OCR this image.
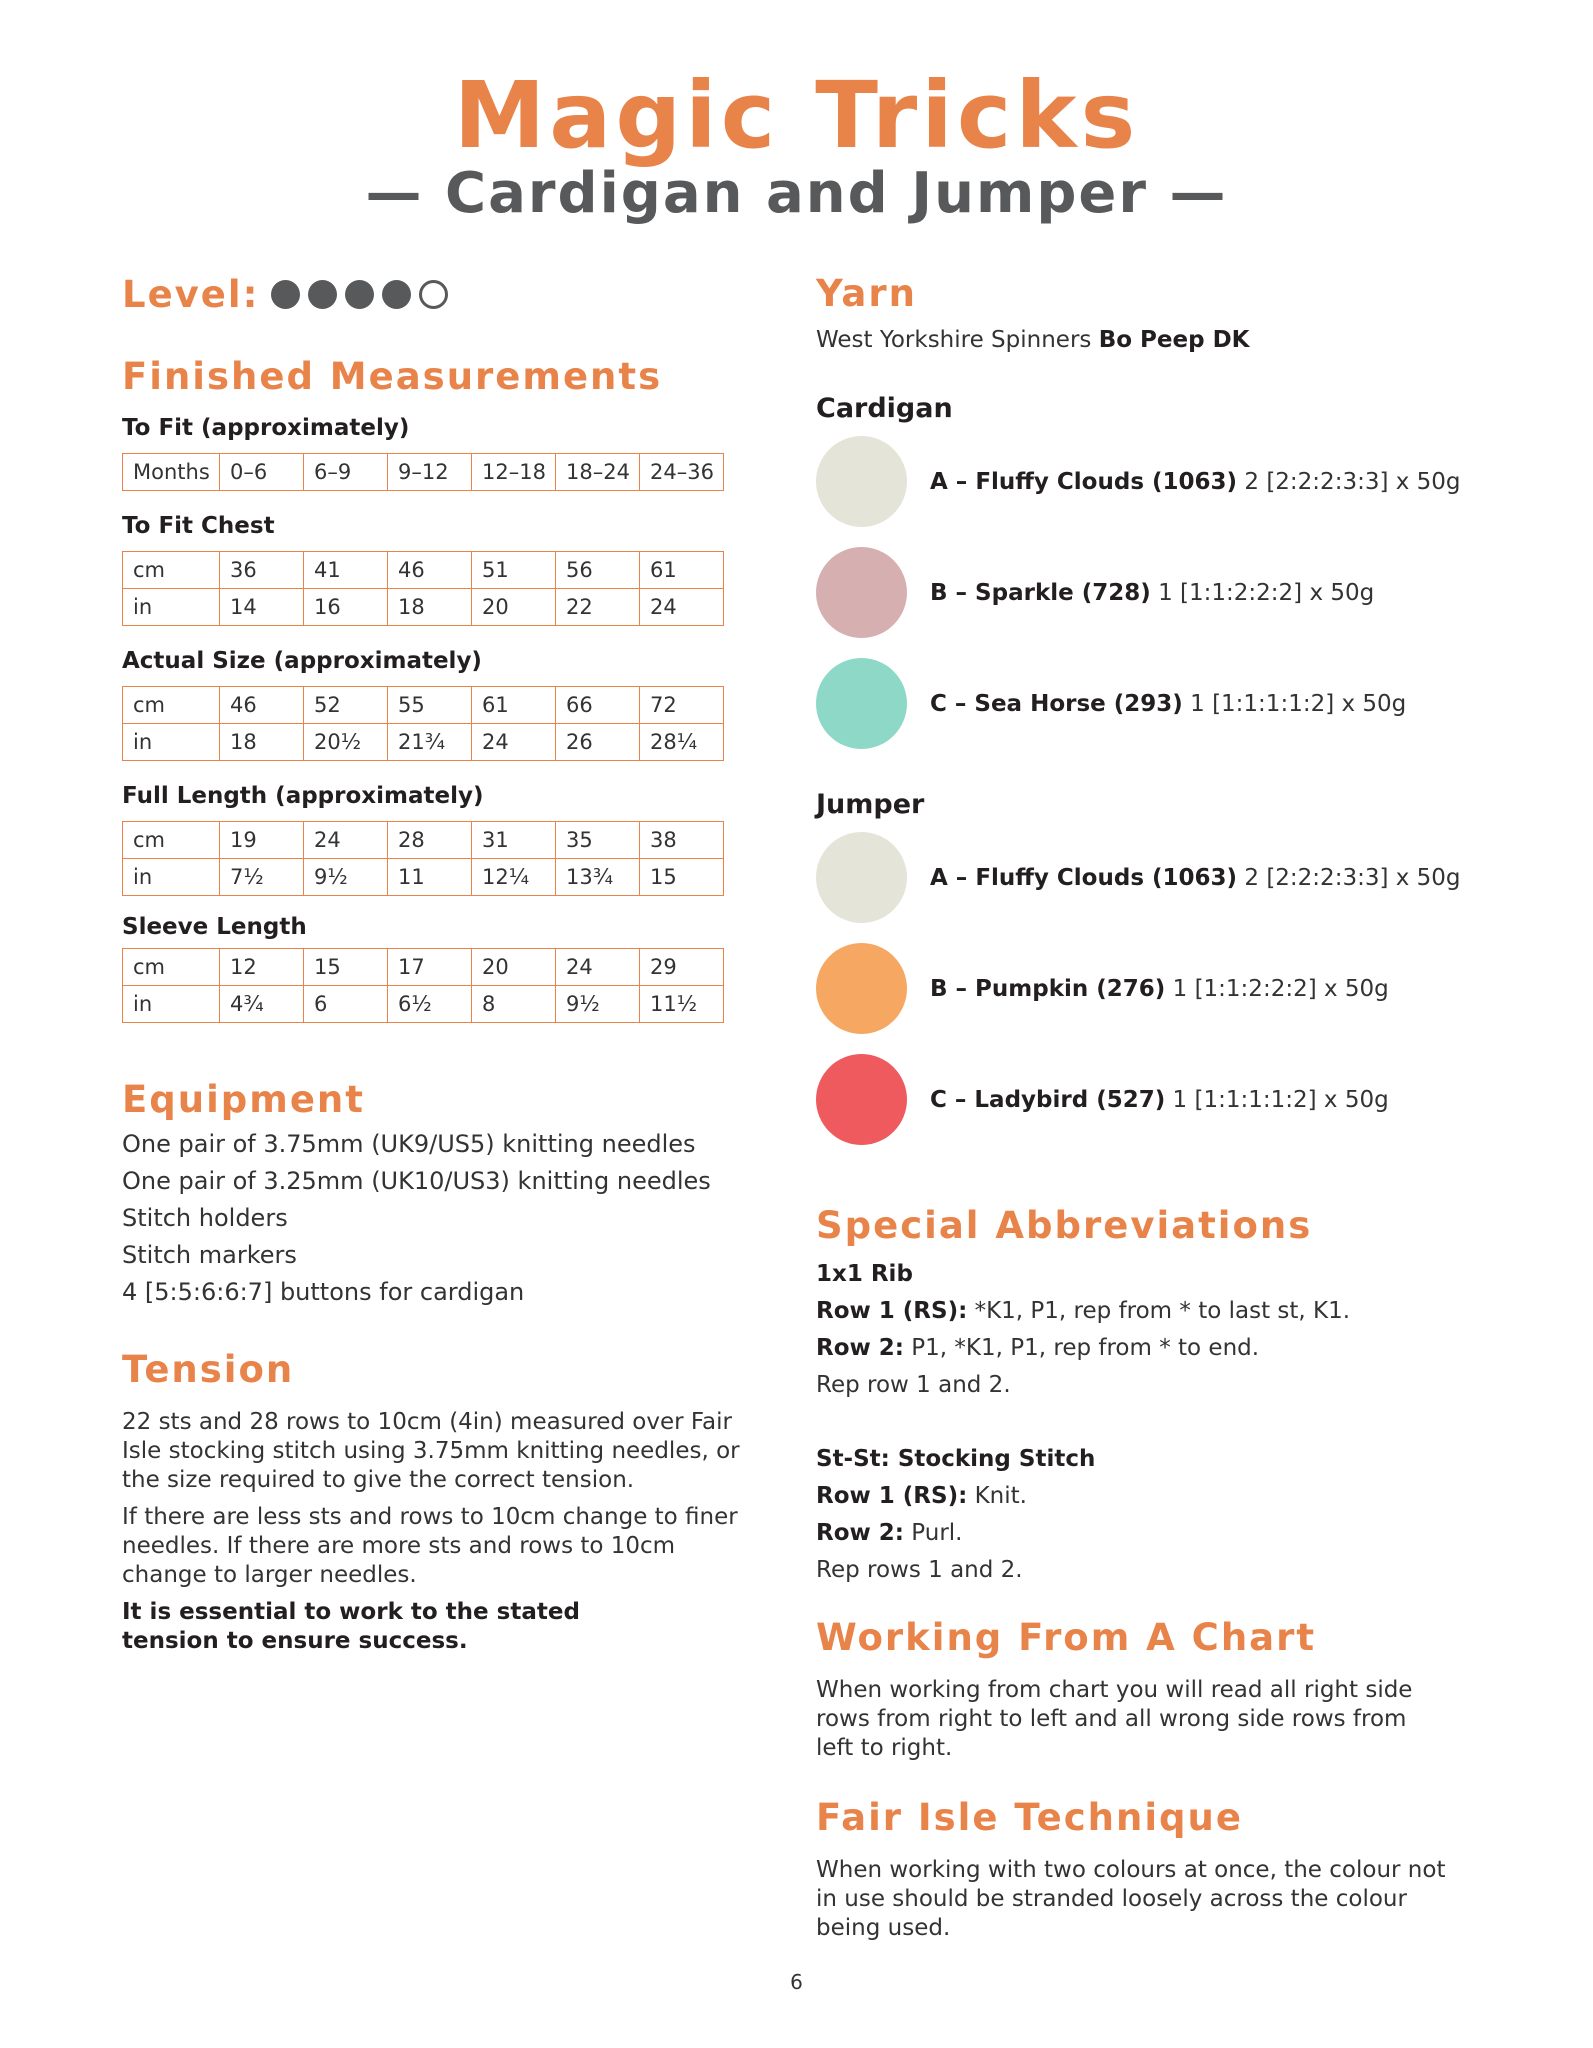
Magic Tricks
— Cardigan and Jumper —
Level:
Finished Measurements
To Fit (approximately)
Months	0–6	6–9	9–12	12–18	18–24	24–36
To Fit Chest
cm	36	41	46	51	56	61
in	14	16	18	20	22	24
Actual Size (approximately)
cm	46	52	55	61	66	72
in	18	20½	21¾	24	26	28¼
Full Length (approximately)
cm	19	24	28	31	35	38
in	7½	9½	11	12¼	13¾	15
Sleeve Length
cm	12	15	17	20	24	29
in	4¾	6	6½	8	9½	11½
Equipment
One pair of 3.75mm (UK9/US5) knitting needles
One pair of 3.25mm (UK10/US3) knitting needles
Stitch holders
Stitch markers
4 [5:5:6:6:7] buttons for cardigan
Tension
22 sts and 28 rows to 10cm (4in) measured over Fair Isle stocking stitch using 3.75mm knitting needles, or the size required to give the correct tension.
If there are less sts and rows to 10cm change to finer needles. If there are more sts and rows to 10cm change to larger needles.
It is essential to work to the stated tension to ensure success.
Yarn
West Yorkshire Spinners Bo Peep DK
Cardigan
A – Fluffy Clouds (1063) 2 [2:2:2:3:3] x 50g
B – Sparkle (728) 1 [1:1:2:2:2] x 50g
C – Sea Horse (293) 1 [1:1:1:1:2] x 50g
Jumper
A – Fluffy Clouds (1063) 2 [2:2:2:3:3] x 50g
B – Pumpkin (276) 1 [1:1:2:2:2] x 50g
C – Ladybird (527) 1 [1:1:1:1:2] x 50g
Special Abbreviations
1x1 Rib
Row 1 (RS): *K1, P1, rep from * to last st, K1.
Row 2: P1, *K1, P1, rep from * to end.
Rep row 1 and 2.
St-St: Stocking Stitch
Row 1 (RS): Knit.
Row 2: Purl.
Rep rows 1 and 2.
Working From A Chart
When working from chart you will read all right side rows from right to left and all wrong side rows from left to right.
Fair Isle Technique
When working with two colours at once, the colour not in use should be stranded loosely across the colour being used.
6
